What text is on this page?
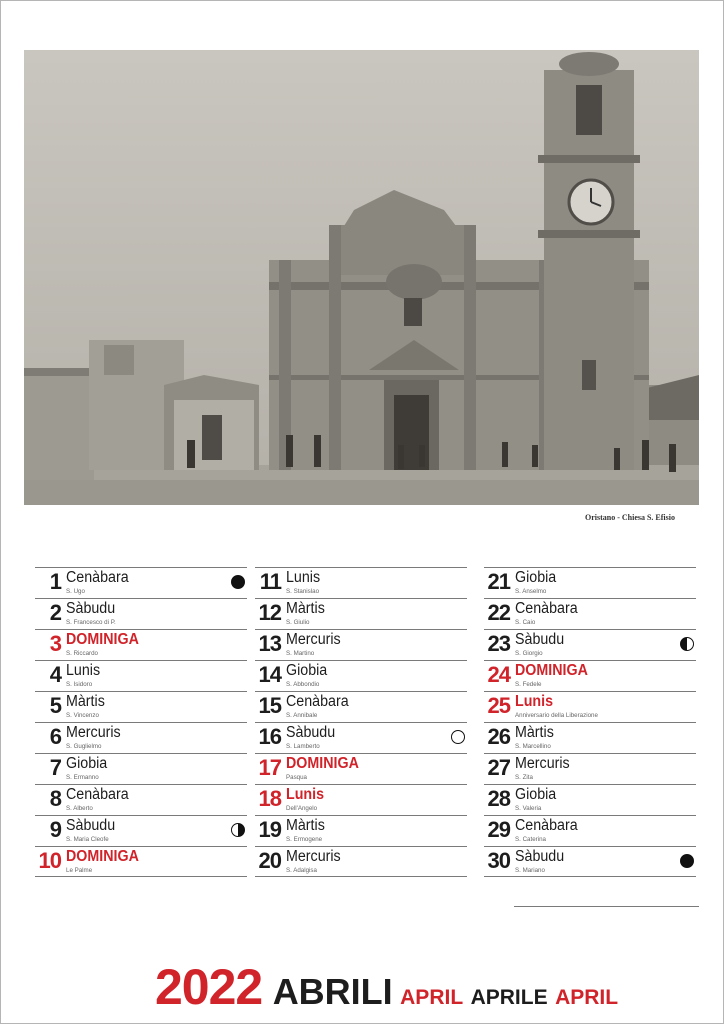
Oristano - Chiesa S. Efisio
1 Cenàbara
S. Ugo
2 Sàbudu
S. Francesco di P.
3 DOMINIGA
S. Riccardo
4 Lunis
S. Isidoro
5 Màrtis
S. Vincenzo
6 Mercuris
S. Guglielmo
7 Giobia
S. Ermanno
8 Cenàbara
S. Alberto
9 Sàbudu
S. Maria Cleofe
10 DOMINIGA
Le Palme
11 Lunis
S. Stanislao
12 Màrtis
S. Giulio
13 Mercuris
S. Martino
14 Giobia
S. Abbondio
15 Cenàbara
S. Annibale
16 Sàbudu
S. Lamberto
17 DOMINIGA
Pasqua
18 Lunis
Dell'Angelo
19 Màrtis
S. Ermogene
20 Mercuris
S. Adalgisa
21 Giobia
S. Anselmo
22 Cenàbara
S. Caio
23 Sàbudu
S. Giorgio
24 DOMINIGA
S. Fedele
25 Lunis
Anniversario della Liberazione
26 Màrtis
S. Marcellino
27 Mercuris
S. Zita
28 Giobia
S. Valeria
29 Cenàbara
S. Caterina
30 Sàbudu
S. Mariano
2022 ABRILI APRIL APRILE APRIL
